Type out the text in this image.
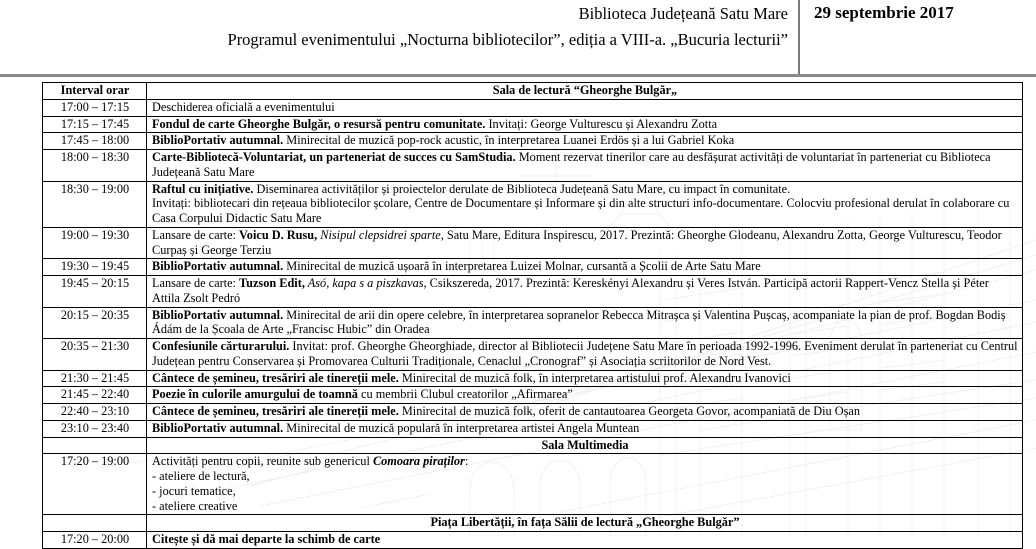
Biblioteca Județeană Satu Mare
Programul evenimentului „Nocturna bibliotecilor”, ediția a VIII-a. „Bucuria lecturii”
29 septembrie 2017
Interval orar	Sala de lectură “Gheorghe Bulgăr„
17:00 – 17:15	Deschiderea oficială a evenimentului

17:15 – 17:45	Fondul de carte Gheorghe Bulgăr, o resursă pentru comunitate. Invitați: George Vulturescu și Alexandru Zotta

17:45 – 18:00	BiblioPortativ autumnal. Minirecital de muzică pop-rock acustic, în interpretarea Luanei Erdös și a lui Gabriel Koka

18:00 – 18:30	Carte-Bibliotecă-Voluntariat, un parteneriat de succes cu SamStudia. Moment rezervat tinerilor care au desfășurat activități de voluntariat în parteneriat cu Biblioteca Județeană Satu Mare

18:30 – 19:00	Raftul cu inițiative. Diseminarea activităților și proiectelor derulate de Biblioteca Județeană Satu Mare, cu impact în comunitate.
Invitați: bibliotecari din rețeaua bibliotecilor școlare, Centre de Documentare și Informare și din alte structuri info-documentare. Colocviu profesional derulat în colaborare cu Casa Corpului Didactic Satu Mare

19:00 – 19:30	Lansare de carte: Voicu D. Rusu, Nisipul clepsidrei sparte, Satu Mare, Editura Inspirescu, 2017. Prezintă: Gheorghe Glodeanu, Alexandru Zotta, George Vulturescu, Teodor Curpaș și George Terziu

19:30 – 19:45	BiblioPortativ autumnal. Minirecital de muzică ușoară în interpretarea Luizei Molnar, cursantă a Școlii de Arte Satu Mare

19:45 – 20:15	Lansare de carte: Tuzson Edit, Asó, kapa s a piszkavas, Csikszereda, 2017. Prezintă: Kereskényi Alexandru și Veres István. Participă actorii Rappert-Vencz Stella și Péter Attila Zsolt Pedró

20:15 – 20:35	BiblioPortativ autumnal. Minirecital de arii din opere celebre, în interpretarea sopranelor Rebecca Mitrașca și Valentina Pușcaș, acompaniate la pian de prof. Bogdan Bodiș Ádám de la Școala de Arte „Francisc Hubic” din Oradea

20:35 – 21:30	Confesiunile cărturarului. Invitat: prof. Gheorghe Gheorghiade, director al Bibliotecii Județene Satu Mare în perioada 1992-1996. Eveniment derulat în parteneriat cu Centrul Județean pentru Conservarea și Promovarea Culturii Tradiționale, Cenaclul „Cronograf” și Asociația scriitorilor de Nord Vest.

21:30 – 21:45	Cântece de șemineu, tresăriri ale tinereții mele. Minirecital de muzică folk, în interpretarea artistului prof. Alexandru Ivanovici

21:45 – 22:40	Poezie în culorile amurgului de toamnă cu membrii Clubul creatorilor „Afirmarea”

22:40 – 23:10	Cântece de șemineu, tresăriri ale tinereții mele. Minirecital de muzică folk, oferit de cantautoarea Georgeta Govor, acompaniată de Diu Oșan

23:10 – 23:40	BiblioPortativ autumnal. Minirecital de muzică populară în interpretarea artistei Angela Muntean

	Sala Multimedia
17:20 – 19:00	Activități pentru copii, reunite sub genericul Comoara piraților:
- ateliere de lectură,
- jocuri tematice,
- ateliere creative

	Piața Libertății, în fața Sălii de lectură „Gheorghe Bulgăr”
17:20 – 20:00	Citește și dă mai departe la schimb de carte
